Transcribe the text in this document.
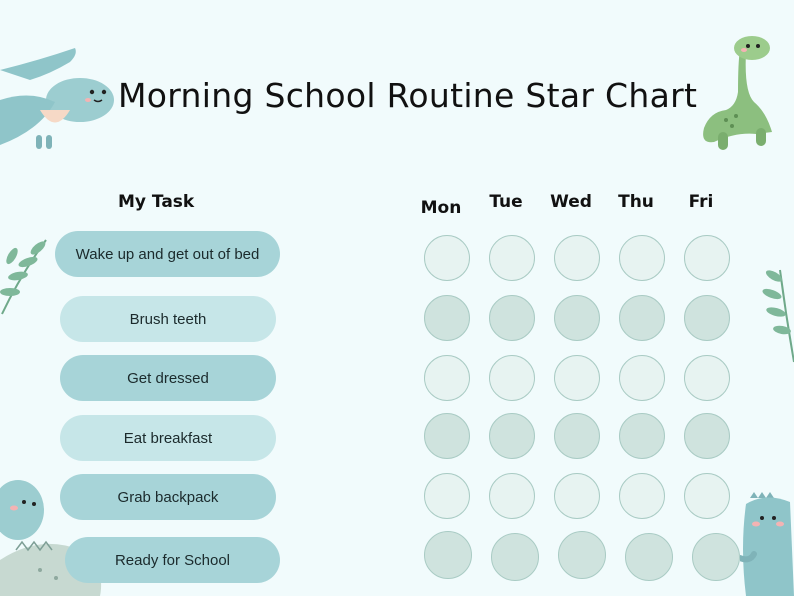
Morning School Routine Star Chart
My Task	Mon	Tue	Wed	Thu	Fri
Wake up and get out of bed
Brush teeth
Get dressed
Eat breakfast
Grab backpack
Ready for School
